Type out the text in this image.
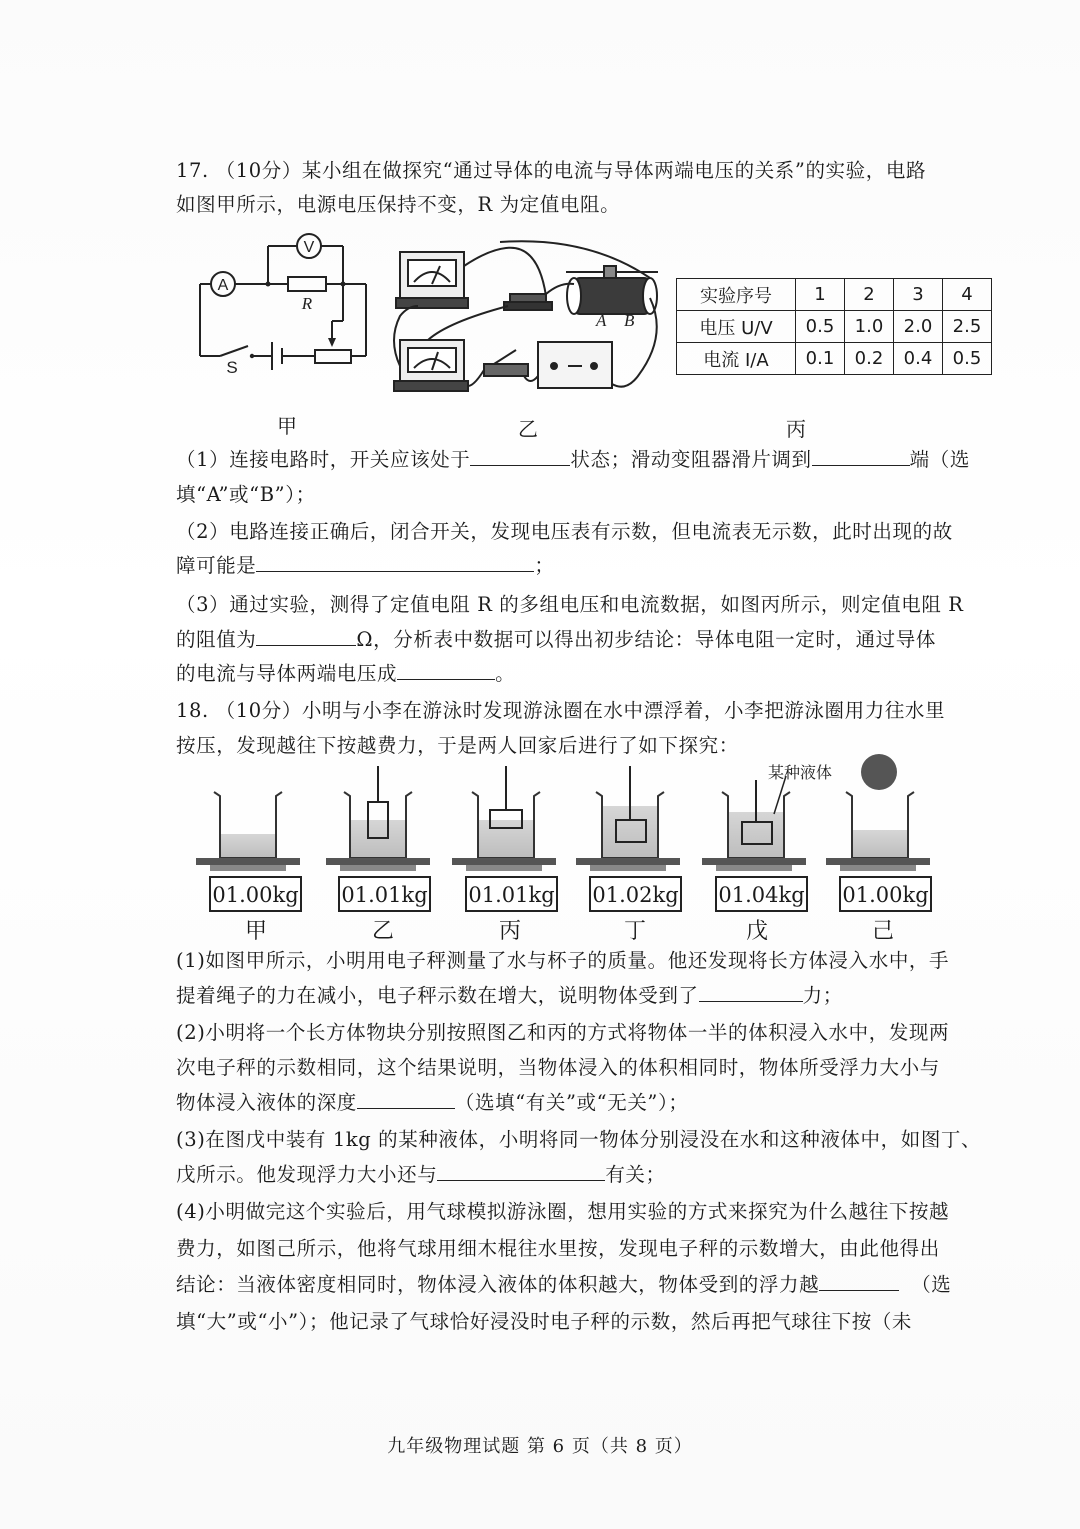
17. （10分）某小组在做探究“通过导体的电流与导体两端电压的关系”的实验，电路
如图甲所示，电源电压保持不变，R 为定值电阻。
A
V
R
S
A B
实验序号	1	2	3	4
电压 U/V	0.5	1.0	2.0	2.5
电流 I/A	0.1	0.2	0.4	0.5
甲	乙	丙
（1）连接电路时，开关应该处于	状态；滑动变阻器滑片调到	端（选
填“A”或“B”）；
（2）电路连接正确后，闭合开关，发现电压表有示数，但电流表无示数，此时出现的故
障可能是	；
（3）通过实验，测得了定值电阻 R 的多组电压和电流数据，如图丙所示，则定值电阻 R
的阻值为	Ω，分析表中数据可以得出初步结论：导体电阻一定时，通过导体
的电流与导体两端电压成	。
18. （10分）小明与小李在游泳时发现游泳圈在水中漂浮着，小李把游泳圈用力往水里
按压，发现越往下按越费力，于是两人回家后进行了如下探究：
某种液体
01.00kg 01.01kg 01.01kg 01.02kg 01.04kg 01.00kg
甲	乙	丙	丁	戊	己
(1)如图甲所示，小明用电子秤测量了水与杯子的质量。他还发现将长方体浸入水中，手
提着绳子的力在减小，电子秤示数在增大，说明物体受到了	力；
(2)小明将一个长方体物块分别按照图乙和丙的方式将物体一半的体积浸入水中，发现两
次电子秤的示数相同，这个结果说明，当物体浸入的体积相同时，物体所受浮力大小与
物体浸入液体的深度	（选填“有关”或“无关”）；
(3)在图戊中装有 1kg 的某种液体，小明将同一物体分别浸没在水和这种液体中，如图丁、
戊所示。他发现浮力大小还与	有关；
(4)小明做完这个实验后，用气球模拟游泳圈，想用实验的方式来探究为什么越往下按越
费力，如图己所示，他将气球用细木棍往水里按，发现电子秤的示数增大，由此他得出
结论：当液体密度相同时，物体浸入液体的体积越大，物体受到的浮力越	（选
填“大”或“小”）；他记录了气球恰好浸没时电子秤的示数，然后再把气球往下按（未
九年级物理试题 第 6 页（共 8 页）
